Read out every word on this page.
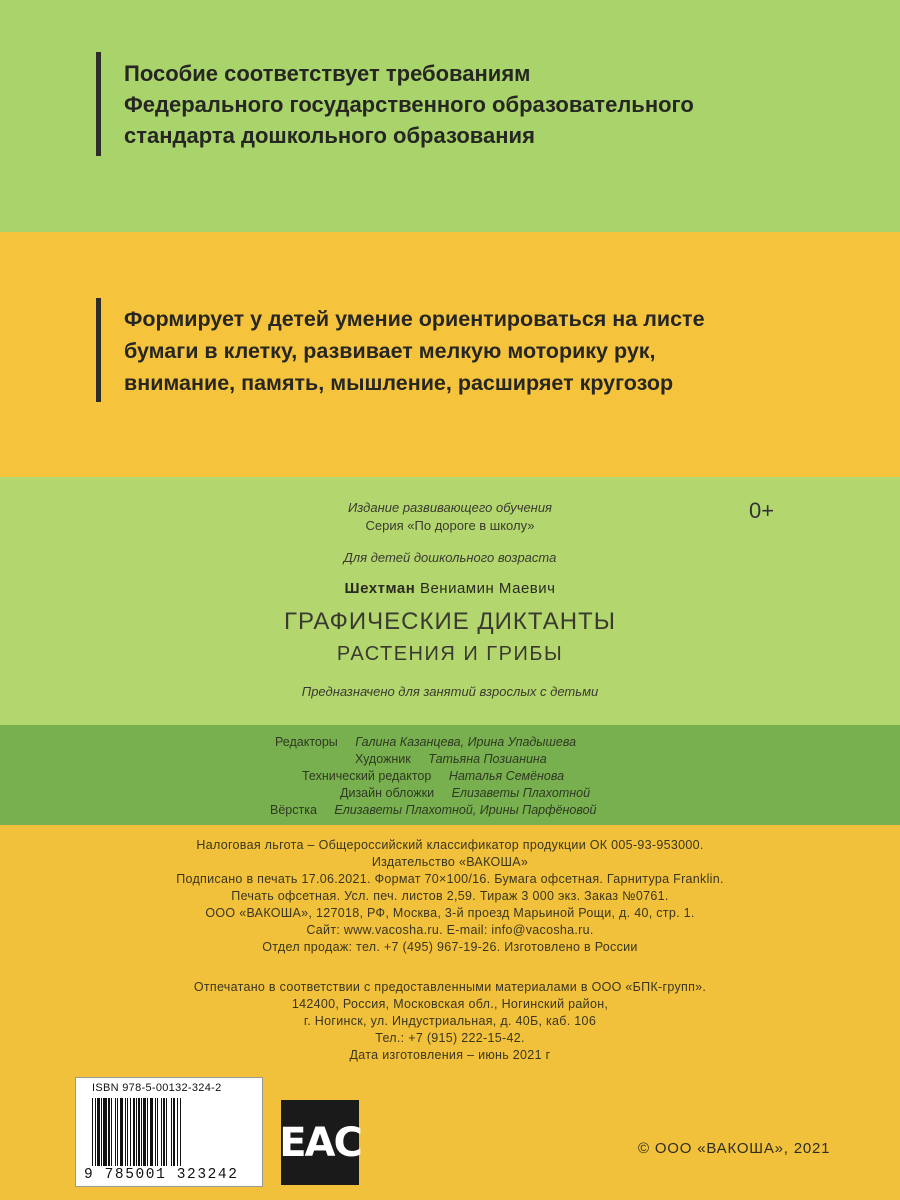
Пособие соответствует требованиям
Федерального государственного образовательного
стандарта дошкольного образования
Формирует у детей умение ориентироваться на листе
бумаги в клетку, развивает мелкую моторику рук,
внимание, память, мышление, расширяет кругозор
Издание развивающего обучения
Серия «По дороге в школу»
0+
Для детей дошкольного возраста
Шехтман Вениамин Маевич
ГРАФИЧЕСКИЕ ДИКТАНТЫ
РАСТЕНИЯ И ГРИБЫ
Предназначено для занятий взрослых с детьми
Редакторы Галина Казанцева, Ирина Упадышева
Художник Татьяна Позианина
Технический редактор Наталья Семёнова
Дизайн обложки Елизаветы Плахотной
Вёрстка Елизаветы Плахотной, Ирины Парфёновой
Налоговая льгота – Общероссийский классификатор продукции ОК 005-93-953000.
Издательство «ВАКОША»
Подписано в печать 17.06.2021. Формат 70×100/16. Бумага офсетная. Гарнитура Franklin.
Печать офсетная. Усл. печ. листов 2,59. Тираж 3 000 экз. Заказ №0761.
ООО «ВАКОША», 127018, РФ, Москва, 3-й проезд Марьиной Рощи, д. 40, стр. 1.
Сайт: www.vacosha.ru. E-mail: info@vacosha.ru.
Отдел продаж: тел. +7 (495) 967-19-26. Изготовлено в России
Отпечатано в соответствии с предоставленными материалами в ООО «БПК-групп».
142400, Россия, Московская обл., Ногинский район,
г. Ногинск, ул. Индустриальная, д. 40Б, каб. 106
Тел.: +7 (915) 222-15-42.
Дата изготовления – июнь 2021 г
ISBN 978-5-00132-324-2
9 785001 323242
EAC	© ООО «ВАКОША», 2021
